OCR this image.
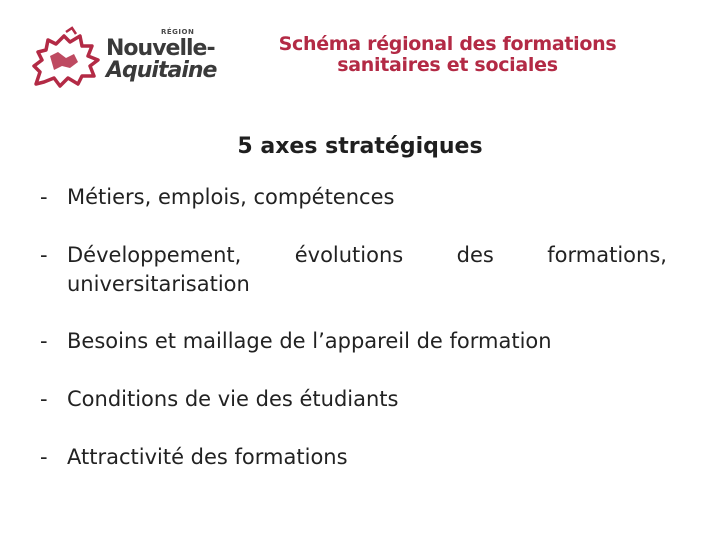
RÉGION
Nouvelle-
Aquitaine
Schéma régional des formations
sanitaires et sociales
5 axes stratégiques
- Métiers, emplois, compétences
- Développement,	évolutions	des	formations,
universitarisation
- Besoins et maillage de l’appareil de formation
- Conditions de vie des étudiants
- Attractivité des formations
